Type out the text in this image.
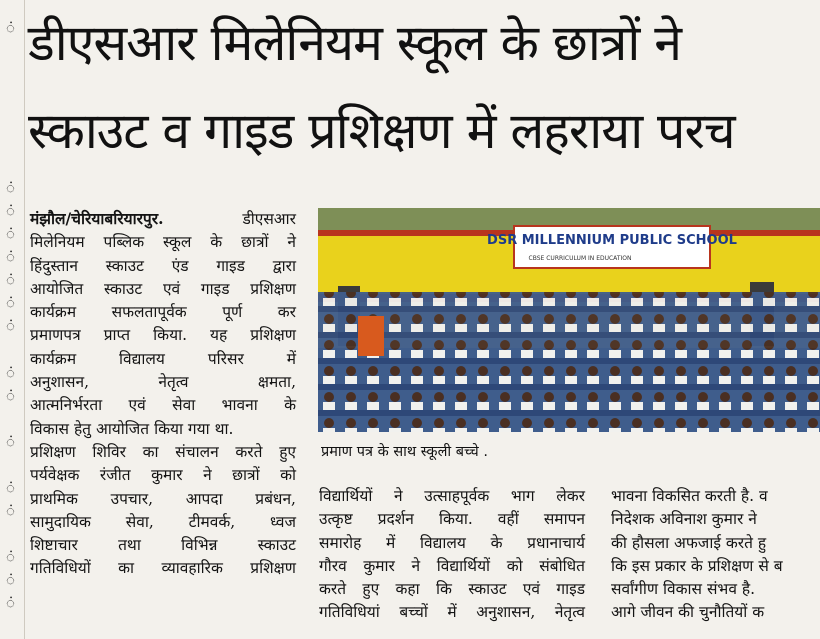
ं
ं
ं
ं
ं
ं
ं
ं
ं
ं
ं
ं
ं
ं
ं
ं
डीएसआर मिलेनियम स्कूल के छात्रों ने
स्काउट व गाइड प्रशिक्षण में लहराया परच

मंझौल/चेरियाबरियारपुर.	डीएसआर

मिलेनियम पब्लिक स्कूल के छात्रों ने

हिंदुस्तान स्काउट एंड गाइड द्वारा

आयोजित स्काउट एवं गाइड प्रशिक्षण

कार्यक्रम सफलतापूर्वक पूर्ण कर

प्रमाणपत्र प्राप्त किया. यह प्रशिक्षण

कार्यक्रम विद्यालय परिसर में

अनुशासन, नेतृत्व क्षमता,

आत्मनिर्भरता एवं सेवा भावना के

विकास हेतु आयोजित किया गया था.

प्रशिक्षण शिविर का संचालन करते हुए

पर्यवेक्षक रंजीत कुमार ने छात्रों को

प्राथमिक उपचार, आपदा प्रबंधन,

सामुदायिक सेवा, टीमवर्क, ध्वज

शिष्टाचार तथा विभिन्न स्काउट

गतिविधियों का व्यावहारिक प्रशिक्षण

DSR MILLENNIUM PUBLIC SCHOOL
CBSE CURRICULUM IN EDUCATION
प्रमाण पत्र के साथ स्कूली बच्चे .

विद्यार्थियों ने उत्साहपूर्वक भाग लेकर

उत्कृष्ट प्रदर्शन किया. वहीं समापन

समारोह में विद्यालय के प्रधानाचार्य

गौरव कुमार ने विद्यार्थियों को संबोधित

करते हुए कहा कि स्काउट एवं गाइड

गतिविधियां बच्चों में अनुशासन, नेतृत्व

भावना विकसित करती है. व

निदेशक अविनाश कुमार ने

की हौसला अफजाई करते हु

कि इस प्रकार के प्रशिक्षण से ब

सर्वांगीण विकास संभव है.

आगे जीवन की चुनौतियों क
